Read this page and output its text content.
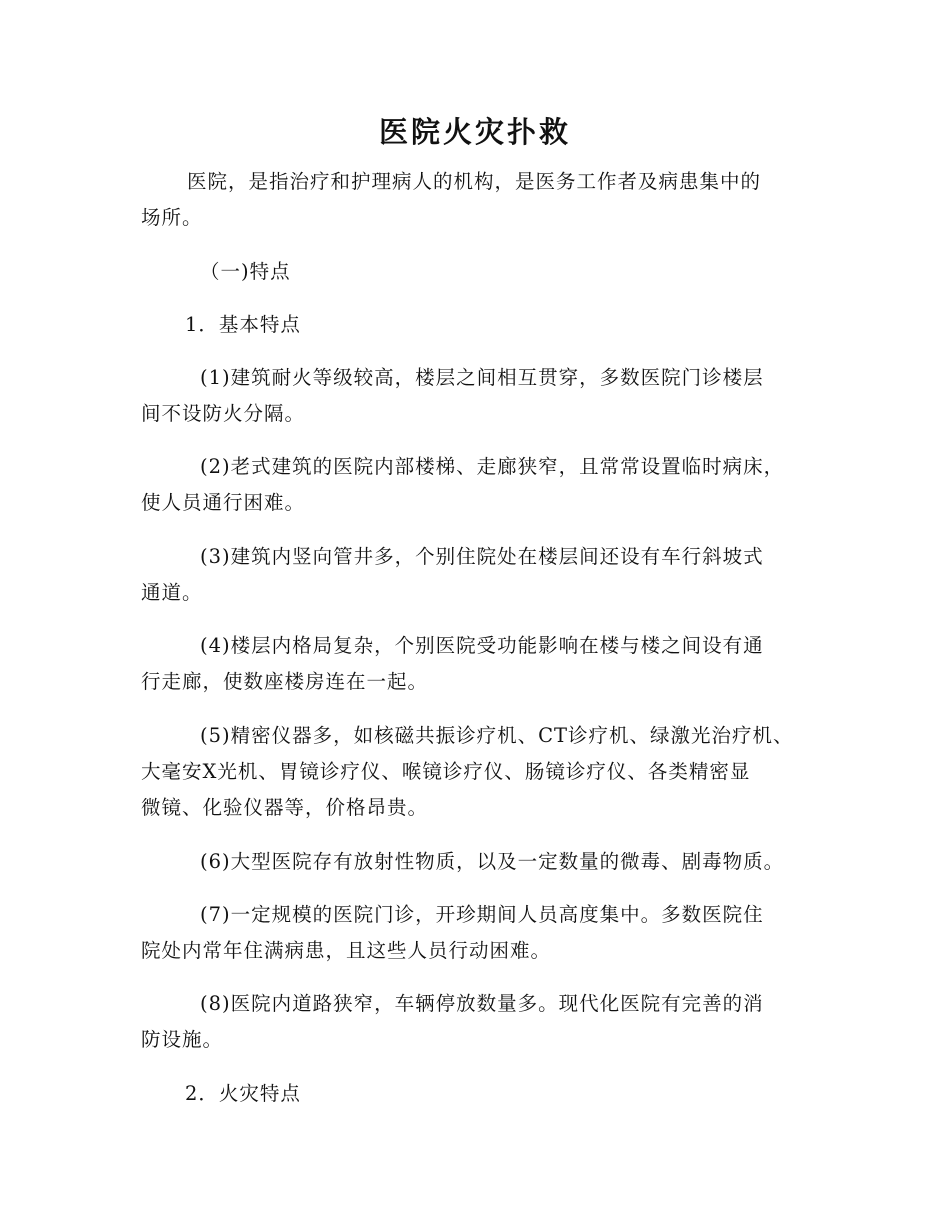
医院火灾扑救

医院，是指治疗和护理病人的机构，是医务工作者及病患集中的
场所。

（一)特点

1．基本特点

(1)建筑耐火等级较高，楼层之间相互贯穿，多数医院门诊楼层
间不设防火分隔。

(2)老式建筑的医院内部楼梯、走廊狭窄，且常常设置临时病床，
使人员通行困难。

(3)建筑内竖向管井多，个别住院处在楼层间还设有车行斜坡式
通道。

(4)楼层内格局复杂，个别医院受功能影响在楼与楼之间设有通
行走廊，使数座楼房连在一起。

(5)精密仪器多，如核磁共振诊疗机、CT诊疗机、绿激光治疗机、
大毫安X光机、胃镜诊疗仪、喉镜诊疗仪、肠镜诊疗仪、各类精密显
微镜、化验仪器等，价格昂贵。

(6)大型医院存有放射性物质，以及一定数量的微毒、剧毒物质。

(7)一定规模的医院门诊，开珍期间人员高度集中。多数医院住
院处内常年住满病患，且这些人员行动困难。

(8)医院内道路狭窄，车辆停放数量多。现代化医院有完善的消
防设施。

2．火灾特点
